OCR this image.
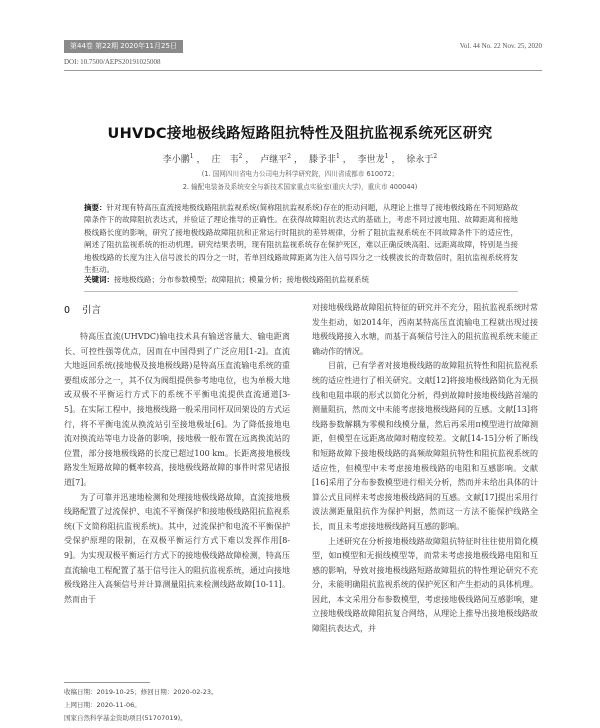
第44卷 第22期 2020年11月25日	Vol. 44 No. 22 Nov. 25, 2020
DOI: 10.7500/AEPS20191025008
UHVDC接地极线路短路阻抗特性及阻抗监视系统死区研究
李小鹏$^1$ ， 庄　韦$^2$ ， 卢继平$^2$ ， 滕予非$^1$ ， 李世龙$^1$ ， 徐永于$^2$
(1. 国网四川省电力公司电力科学研究院，四川省成都市 610072；
2. 输配电装备及系统安全与新技术国家重点实验室(重庆大学)，重庆市 400044)
摘要：针对现有特高压直流接地极线路阻抗监视系统(简称阻抗监视系统)存在的拒动问题，从理论上推导了接地极线路在不同短路故障条件下的故障阻抗表达式，并验证了理论推导的正确性。在获得故障阻抗表达式的基础上，考虑不同过渡电阻、故障距离和接地极线路长度的影响，研究了接地极线路故障阻抗和正常运行时阻抗的差异规律，分析了阻抗监视系统在不同故障条件下的适应性，阐述了阻抗监视系统的拒动机理。研究结果表明，现有阻抗监视系统存在保护死区，难以正确反映高阻、远距离故障，特别是当接地极线路的长度为注入信号波长的四分之一时，若单回线路故障距离为注入信号四分之一线模波长的奇数倍时，阻抗监视系统将发生拒动。
关键词：接地极线路；分布参数模型；故障阻抗；模量分析；接地极线路阻抗监视系统
0 引言

特高压直流(UHVDC)输电技术具有输送容量大、输电距离长、可控性强等优点，因而在中国得到了广泛应用[1-2]。直流大地返回系统(接地极及接地极线路)是特高压直流输电系统的重要组成部分之一，其不仅为阀组提供参考地电位，也为单极大地或双极不平衡运行方式下的系统不平衡电流提供直流通道[3-5]。在实际工程中，接地极线路一般采用同杆双回架设的方式运行，将不平衡电流从换流站引至接地极址[6]。为了降低接地电流对换流站等电力设备的影响，接地极一般布置在远离换流站的位置，部分接地极线路的长度已超过100 km。长距离接地极线路发生短路故障的概率较高，接地极线路故障的事件时常见诸报道[7]。

为了可靠并迅速地检测和处理接地极线路故障，直流接地极线路配置了过流保护、电流不平衡保护和接地极线路阻抗监视系统(下文简称阻抗监视系统)。其中，过流保护和电流不平衡保护受保护原理的限制，在双极平衡运行方式下难以发挥作用[8-9]。为实现双极平衡运行方式下的接地极线路故障检测，特高压直流输电工程配置了基于信号注入的阻抗监视系统，通过向接地极线路注入高频信号并计算测量阻抗来检测线路故障[10-11]。然而由于

对接地极线路故障阻抗特征的研究并不充分，阻抗监视系统时常发生拒动，如2014年，西南某特高压直流输电工程就出现过接地极线路接入水塘，而基于高频信号注入的阻抗监视系统未能正确动作的情况。

目前，已有学者对接地极线路的故障阻抗特性和阻抗监视系统的适应性进行了相关研究。文献[12]将接地极线路简化为无损线和电阻串联的形式以简化分析，得到故障时接地极线路首端的测量阻抗，然而文中未能考虑接地极线路间的互感。文献[13]将线路参数解耦为零模和线模分量，然后再采用π模型进行故障测距，但模型在远距离故障时精度较差。文献[14-15]分析了断线和短路故障下接地极线路的高频故障阻抗特性和阻抗监视系统的适应性，但模型中未考虑接地极线路的电阻和互感影响。文献[16]采用了分布参数模型进行相关分析，然而并未给出具体的计算公式且同样未考虑接地极线路间的互感。文献[17]提出采用行波法测距量阻抗作为保护判据，然而这一方法不能保护线路全长，而且未考虑接地极线路间互感的影响。

上述研究在分析接地极线路故障阻抗特征时往往使用简化模型，如π模型和无损线模型等，而常未考虑接地极线路电阻和互感的影响，导致对接地极线路短路故障阻抗的特性理论研究不充分，未能明确阻抗监视系统的保护死区和产生拒动的具体机理。因此，本文采用分布参数模型，考虑接地极线路间互感影响，建立接地极线路故障阻抗复合网络，从理论上推导出接地极线路故障阻抗表达式，并

收稿日期：2019-10-25；修回日期：2020-02-23。
上网日期：2020-11-06。
国家自然科学基金资助项目(51707019)。
